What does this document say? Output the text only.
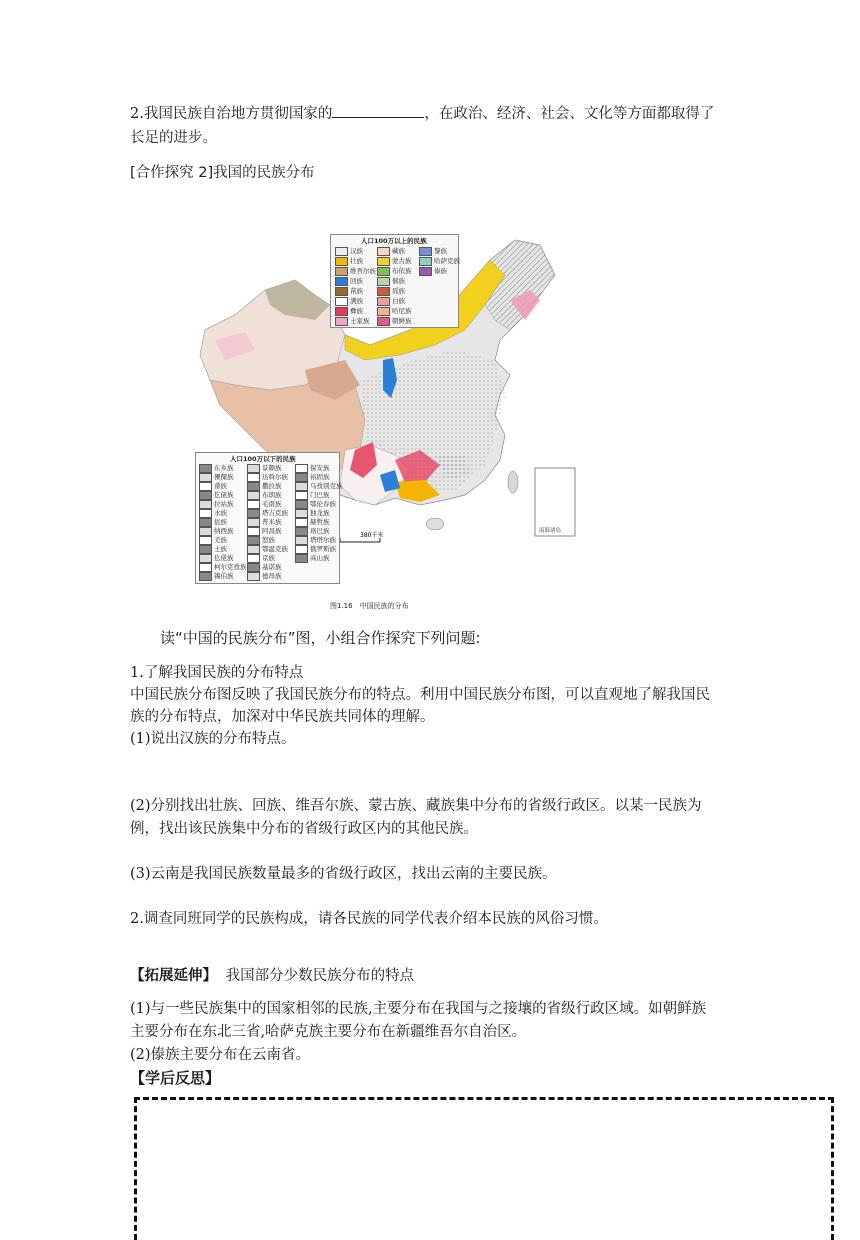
2.我国民族自治地方贯彻国家的	，在政治、经济、社会、文化等方面都取得了
长足的进步。
[合作探究 2]我国的民族分布
南海诸岛
380千米
图1.16　中国民族的分布
人口100万以上的民族
汉族
壮族
维吾尔族
回族
苗族
满族
彝族
土家族
藏族
蒙古族
布依族
侗族
瑶族
白族
哈尼族
朝鲜族
黎族
哈萨克族
傣族
人口100万以下的民族
东乡族
傈僳族
畲族
仡佬族
拉祜族
水族
佤族
纳西族
羌族
土族
仫佬族
柯尔克孜族
锡伯族
景颇族
达斡尔族
撒拉族
布朗族
毛南族
塔吉克族
普米族
阿昌族
怒族
鄂温克族
京族
基诺族
德昂族
保安族
裕固族
乌孜别克族
门巴族
鄂伦春族
独龙族
赫哲族
珞巴族
塔塔尔族
俄罗斯族
高山族
读“中国的民族分布”图，小组合作探究下列问题:
1.了解我国民族的分布特点
中国民族分布图反映了我国民族分布的特点。利用中国民族分布图，可以直观地了解我国民
族的分布特点，加深对中华民族共同体的理解。
(1)说出汉族的分布特点。
(2)分别找出壮族、回族、维吾尔族、蒙古族、藏族集中分布的省级行政区。以某一民族为
例，找出该民族集中分布的省级行政区内的其他民族。
(3)云南是我国民族数量最多的省级行政区，找出云南的主要民族。
2.调查同班同学的民族构成，请各民族的同学代表介绍本民族的风俗习惯。
【拓展延伸】 我国部分少数民族分布的特点
(1)与一些民族集中的国家相邻的民族,主要分布在我国与之接壤的省级行政区域。如朝鲜族
主要分布在东北三省,哈萨克族主要分布在新疆维吾尔自治区。
(2)傣族主要分布在云南省。
【学后反思】
